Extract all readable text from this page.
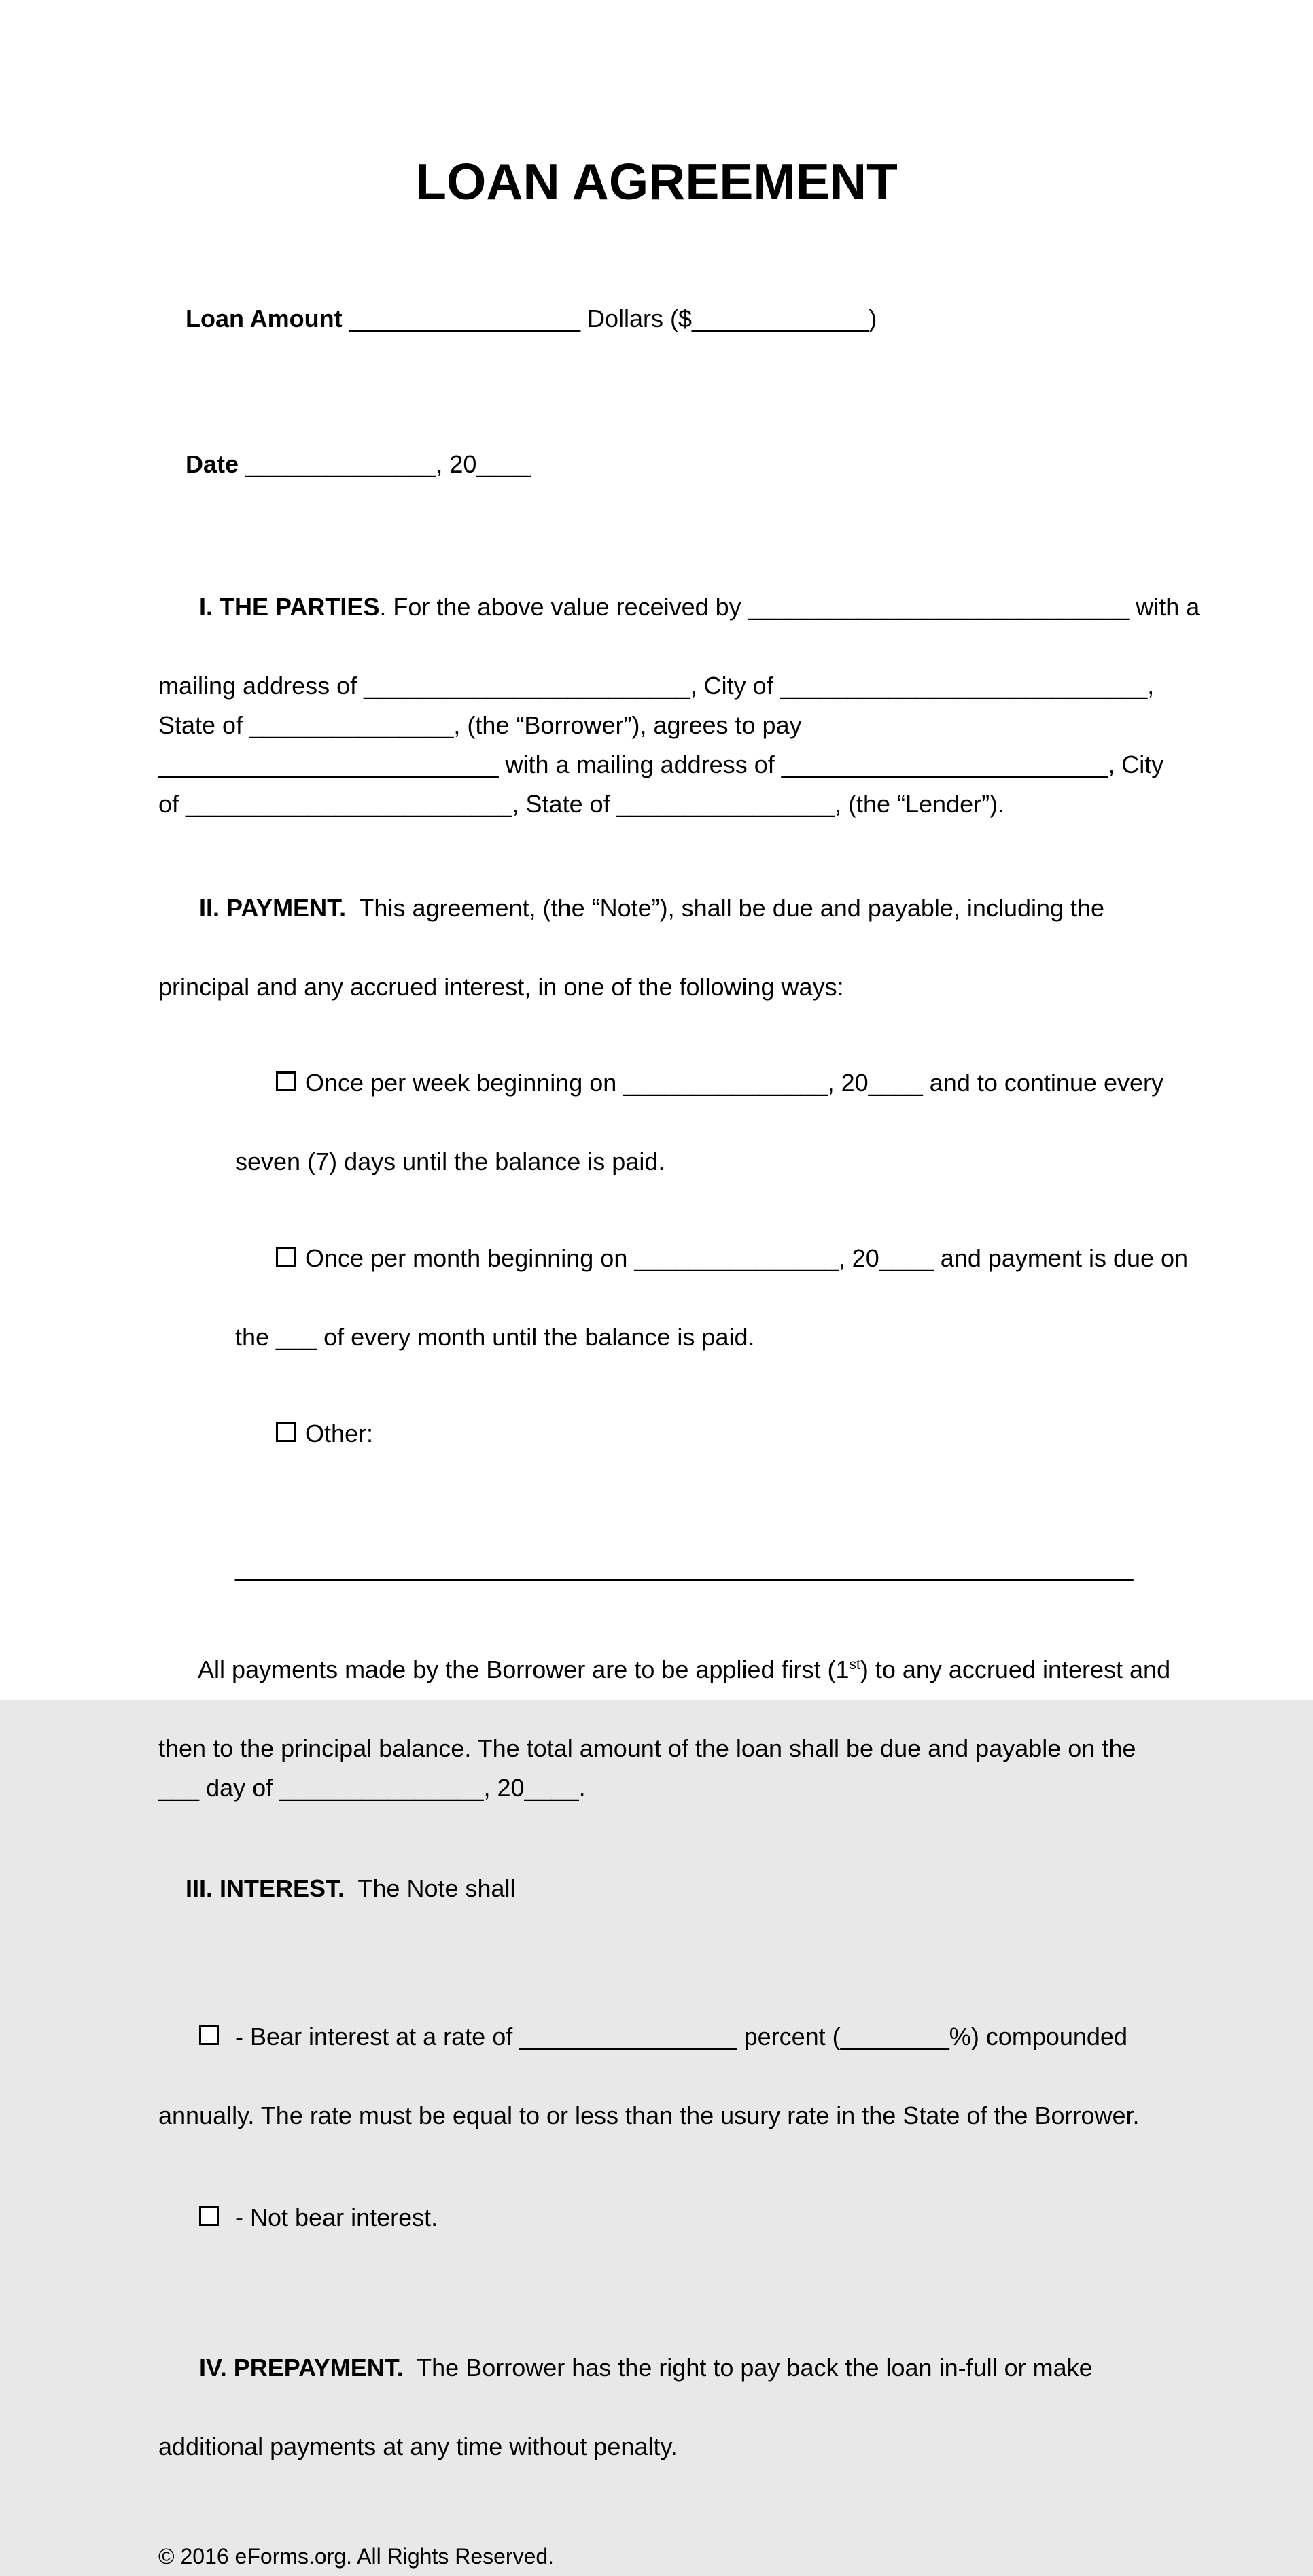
LOAN AGREEMENT

Loan Amount _________________ Dollars ($_____________)

Date ______________, 20____

I. THE PARTIES. For the above value received by ____________________________ with a

mailing address of ________________________, City of ___________________________,
State of _______________, (the “Borrower”), agrees to pay
_________________________ with a mailing address of ________________________, City
of ________________________, State of ________________, (the “Lender”).

II. PAYMENT.  This agreement, (the “Note”), shall be due and payable, including the

principal and any accrued interest, in one of the following ways:

Once per week beginning on _______________, 20____ and to continue every

seven (7) days until the balance is paid.

Once per month beginning on _______________, 20____ and payment is due on

the ___ of every month until the balance is paid.

Other:

__________________________________________________________________

All payments made by the Borrower are to be applied first (1st) to any accrued interest and

then to the principal balance. The total amount of the loan shall be due and payable on the
___ day of _______________, 20____.

III. INTEREST.  The Note shall

- Bear interest at a rate of ________________ percent (________%) compounded

annually. The rate must be equal to or less than the usury rate in the State of the Borrower.

- Not bear interest.

IV. PREPAYMENT.  The Borrower has the right to pay back the loan in-full or make

additional payments at any time without penalty.
© 2016 eForms.org. All Rights Reserved.
